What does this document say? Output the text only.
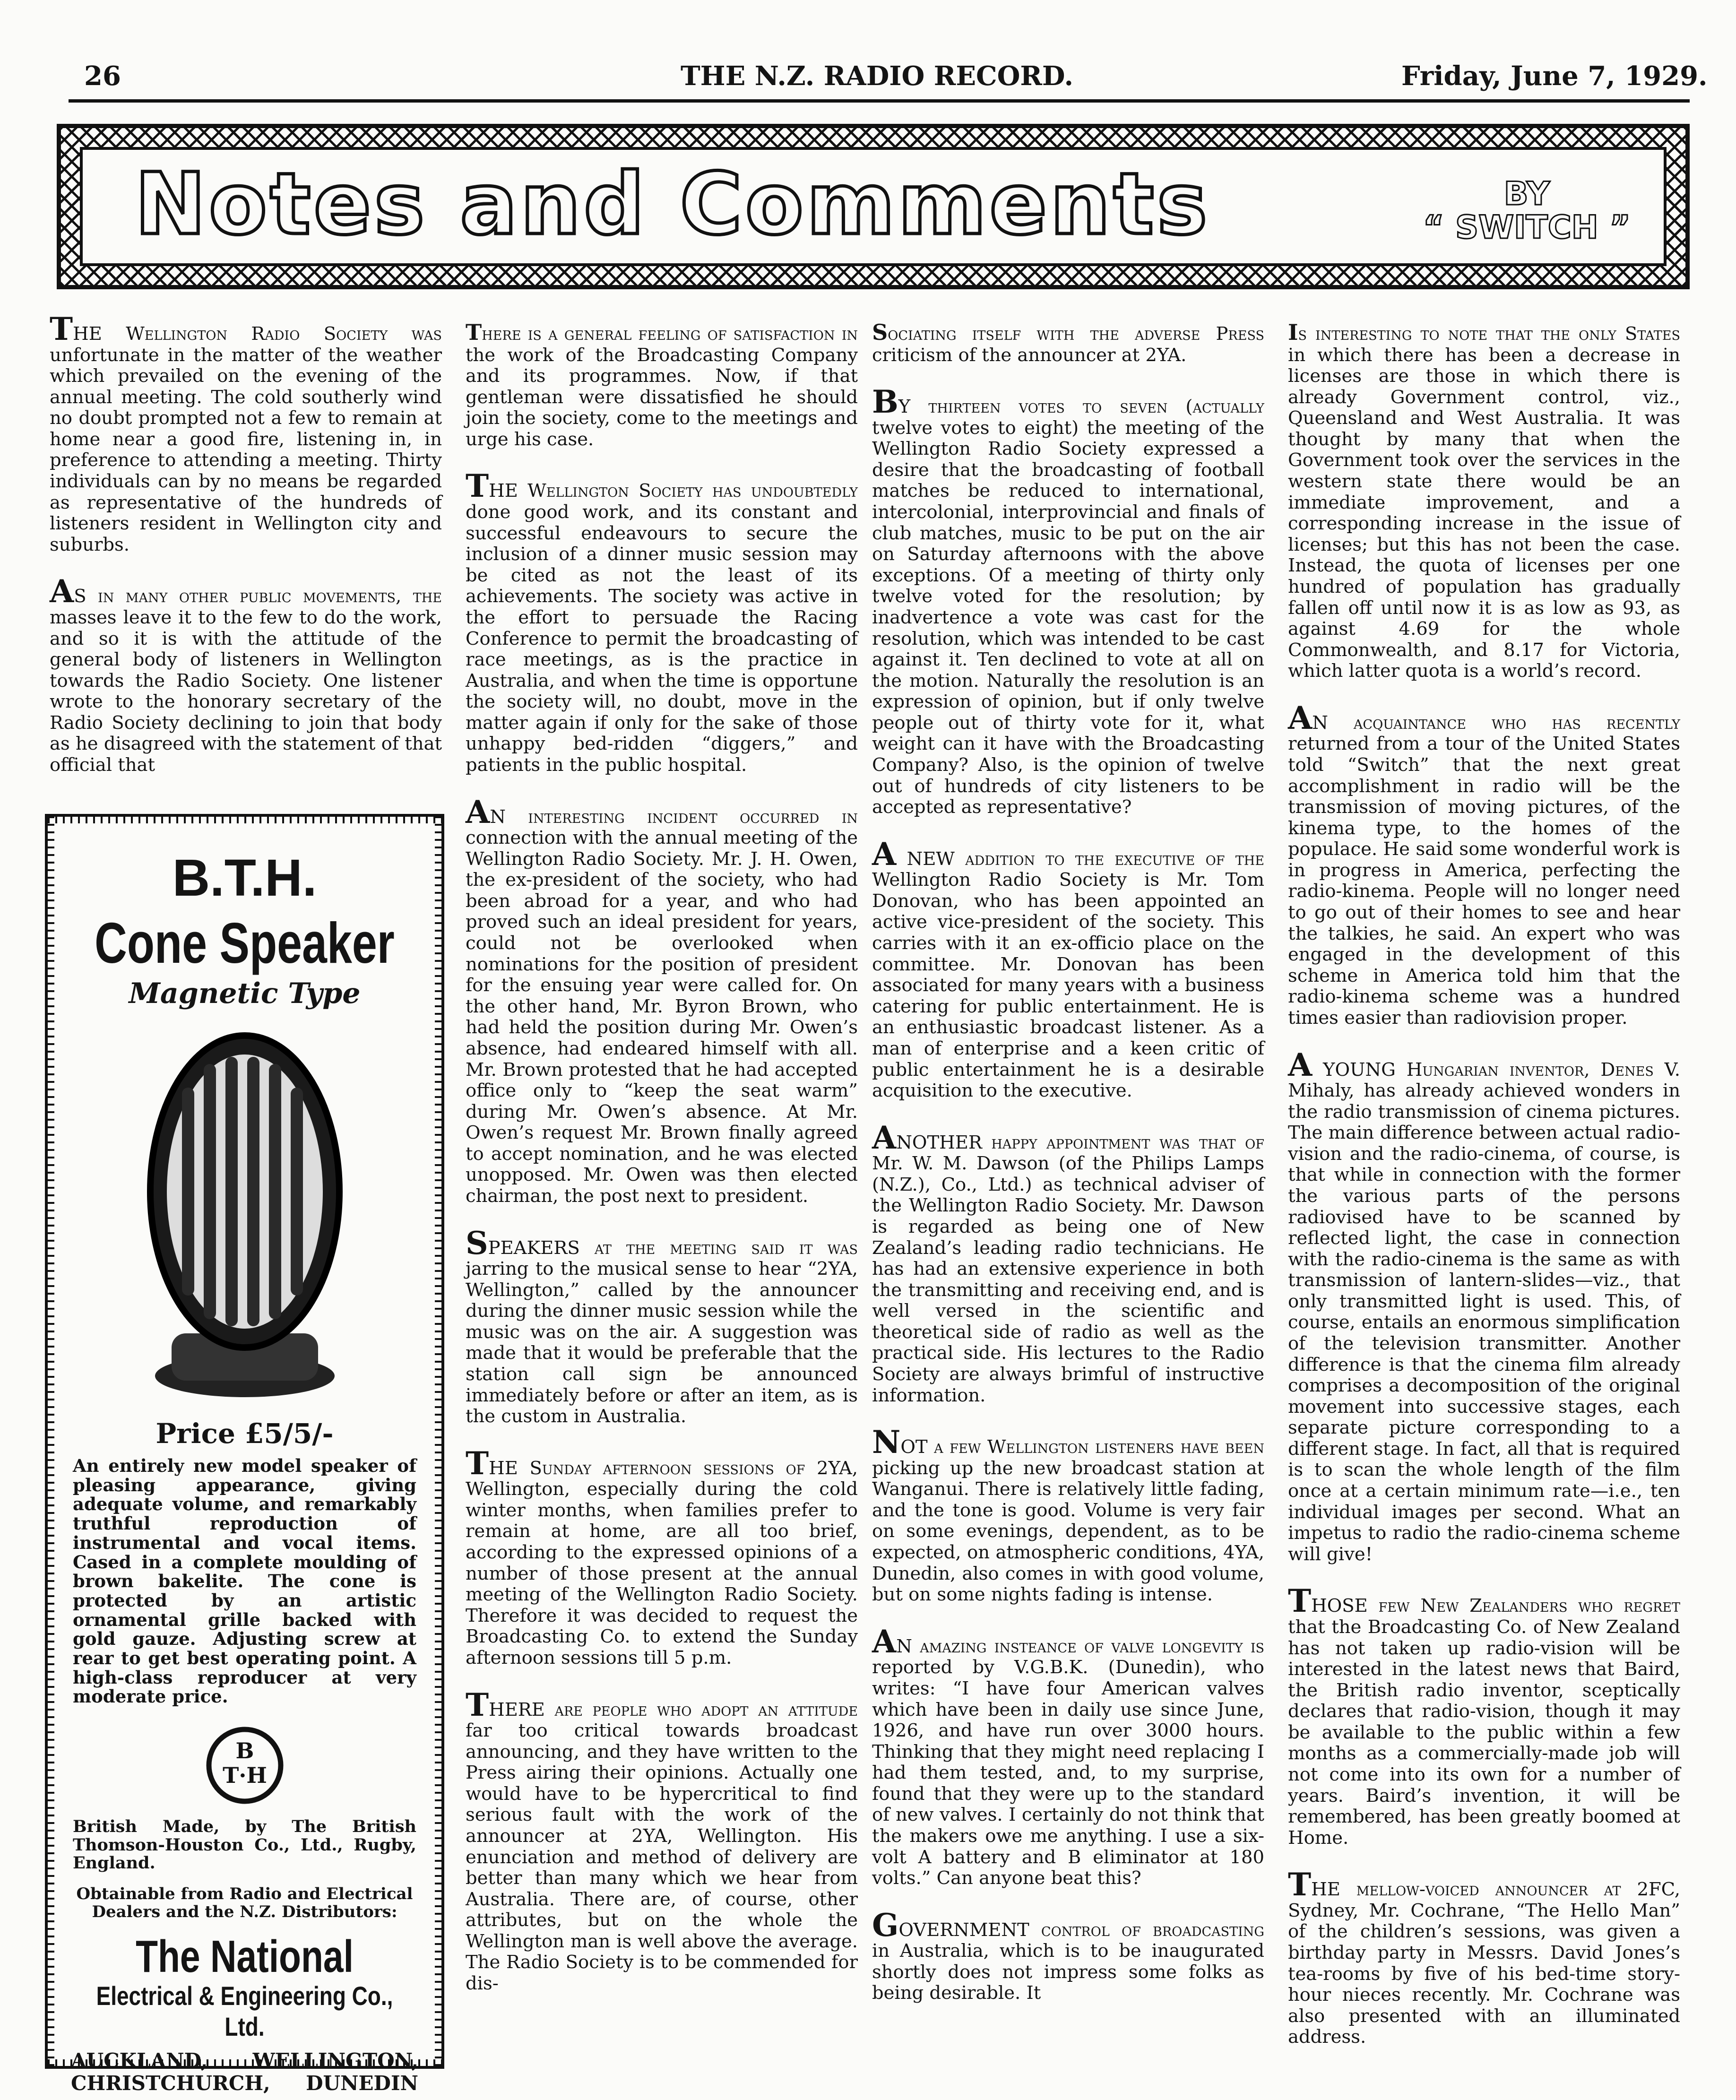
26	THE N.Z. RADIO RECORD.	Friday, June 7, 1929.
Notes and Comments	BY
“ SWITCH ”

THE Wellington Radio Society was unfortunate in the matter of the weather which prevailed on the evening of the annual meeting. The cold southerly wind no doubt prompted not a few to remain at home near a good fire, listening in, in preference to attending a meeting. Thirty individuals can by no means be regarded as representative of the hundreds of listeners resident in Wellington city and suburbs.

AS in many other public movements, the masses leave it to the few to do the work, and so it is with the attitude of the general body of listeners in Wellington towards the Radio Society. One listener wrote to the honorary secretary of the Radio Society declining to join that body as he disagreed with the statement of that official that

there is a general feeling of satisfaction in the work of the Broadcasting Company and its programmes. Now, if that gentleman were dissatisfied he should join the society, come to the meetings and urge his case.

THE Wellington Society has undoubtedly done good work, and its constant and successful endeavours to secure the inclusion of a dinner music session may be cited as not the least of its achievements. The society was active in the effort to persuade the Racing Conference to permit the broadcasting of race meetings, as is the practice in Australia, and when the time is opportune the society will, no doubt, move in the matter again if only for the sake of those unhappy bed-ridden “diggers,” and patients in the public hospital.

AN interesting incident occurred in connection with the annual meeting of the Wellington Radio Society. Mr. J. H. Owen, the ex-president of the society, who had been abroad for a year, and who had proved such an ideal president for years, could not be overlooked when nominations for the position of president for the ensuing year were called for. On the other hand, Mr. Byron Brown, who had held the position during Mr. Owen’s absence, had endeared himself with all. Mr. Brown protested that he had accepted office only to “keep the seat warm” during Mr. Owen’s absence. At Mr. Owen’s request Mr. Brown finally agreed to accept nomination, and he was elected unopposed. Mr. Owen was then elected chairman, the post next to president.

SPEAKERS at the meeting said it was jarring to the musical sense to hear “2YA, Wellington,” called by the announcer during the dinner music session while the music was on the air. A suggestion was made that it would be preferable that the station call sign be announced immediately before or after an item, as is the custom in Australia.

THE Sunday afternoon sessions of 2YA, Wellington, especially during the cold winter months, when families prefer to remain at home, are all too brief, according to the expressed opinions of a number of those present at the annual meeting of the Wellington Radio Society. Therefore it was decided to request the Broadcasting Co. to extend the Sunday afternoon sessions till 5 p.m.

THERE are people who adopt an attitude far too critical towards broadcast announcing, and they have written to the Press airing their opinions. Actually one would have to be hypercritical to find serious fault with the work of the announcer at 2YA, Wellington. His enunciation and method of delivery are better than many which we hear from Australia. There are, of course, other attributes, but on the whole the Wellington man is well above the average. The Radio Society is to be commended for dis-

sociating itself with the adverse Press criticism of the announcer at 2YA.

BY thirteen votes to seven (actually twelve votes to eight) the meeting of the Wellington Radio Society expressed a desire that the broadcasting of football matches be reduced to international, intercolonial, interprovincial and finals of club matches, music to be put on the air on Saturday afternoons with the above exceptions. Of a meeting of thirty only twelve voted for the resolution; by inadvertence a vote was cast for the resolution, which was intended to be cast against it. Ten declined to vote at all on the motion. Naturally the resolution is an expression of opinion, but if only twelve people out of thirty vote for it, what weight can it have with the Broadcasting Company? Also, is the opinion of twelve out of hundreds of city listeners to be accepted as representative?

A NEW addition to the executive of the Wellington Radio Society is Mr. Tom Donovan, who has been appointed an active vice-president of the society. This carries with it an ex-officio place on the committee. Mr. Donovan has been associated for many years with a business catering for public entertainment. He is an enthusiastic broadcast listener. As a man of enterprise and a keen critic of public entertainment he is a desirable acquisition to the executive.

ANOTHER happy appointment was that of Mr. W. M. Dawson (of the Philips Lamps (N.Z.), Co., Ltd.) as technical adviser of the Wellington Radio Society. Mr. Dawson is regarded as being one of New Zealand’s leading radio technicians. He has had an extensive experience in both the transmitting and receiving end, and is well versed in the scientific and theoretical side of radio as well as the practical side. His lectures to the Radio Society are always brimful of instructive information.

NOT a few Wellington listeners have been picking up the new broadcast station at Wanganui. There is relatively little fading, and the tone is good. Volume is very fair on some evenings, dependent, as to be expected, on atmospheric conditions, 4YA, Dunedin, also comes in with good volume, but on some nights fading is intense.

AN amazing insteance of valve longevity is reported by V.G.B.K. (Dunedin), who writes: “I have four American valves which have been in daily use since June, 1926, and have run over 3000 hours. Thinking that they might need replacing I had them tested, and, to my surprise, found that they were up to the standard of new valves. I certainly do not think that the makers owe me anything. I use a six-volt A battery and B eliminator at 180 volts.” Can anyone beat this?

GOVERNMENT control of broadcasting in Australia, which is to be inaugurated shortly does not impress some folks as being desirable. It

is interesting to note that the only States in which there has been a decrease in licenses are those in which there is already Government control, viz., Queensland and West Australia. It was thought by many that when the Government took over the services in the western state there would be an immediate improvement, and a corresponding increase in the issue of licenses; but this has not been the case. Instead, the quota of licenses per one hundred of population has gradually fallen off until now it is as low as 93, as against 4.69 for the whole Commonwealth, and 8.17 for Victoria, which latter quota is a world’s record.

AN acquaintance who has recently returned from a tour of the United States told “Switch” that the next great accomplishment in radio will be the transmission of moving pictures, of the kinema type, to the homes of the populace. He said some wonderful work is in progress in America, perfecting the radio-kinema. People will no longer need to go out of their homes to see and hear the talkies, he said. An expert who was engaged in the development of this scheme in America told him that the radio-kinema scheme was a hundred times easier than radiovision proper.

A YOUNG Hungarian inventor, Denes V. Mihaly, has already achieved wonders in the radio transmission of cinema pictures. The main difference between actual radio-vision and the radio-cinema, of course, is that while in connection with the former the various parts of the persons radiovised have to be scanned by reflected light, the case in connection with the radio-cinema is the same as with transmission of lantern-slides—viz., that only transmitted light is used. This, of course, entails an enormous simplification of the television transmitter. Another difference is that the cinema film already comprises a decomposition of the original movement into successive stages, each separate picture corresponding to a different stage. In fact, all that is required is to scan the whole length of the film once at a certain minimum rate—i.e., ten individual images per second. What an impetus to radio the radio-cinema scheme will give!

THOSE few New Zealanders who regret that the Broadcasting Co. of New Zealand has not taken up radio-vision will be interested in the latest news that Baird, the British radio inventor, sceptically declares that radio-vision, though it may be available to the public within a few months as a commercially-made job will not come into its own for a number of years. Baird’s invention, it will be remembered, has been greatly boomed at Home.

THE mellow-voiced announcer at 2FC, Sydney, Mr. Cochrane, “The Hello Man” of the children’s sessions, was given a birthday party in Messrs. David Jones’s tea-rooms by five of his bed-time story-hour nieces recently. Mr. Cochrane was also presented with an illuminated address.

B.T.H.
Cone Speaker
Magnetic Type
Price £5/5/-
An entirely new model speaker of pleasing appearance, giving adequate volume, and remarkably truthful reproduction of instrumental and vocal items. Cased in a complete moulding of brown bakelite. The cone is protected by an artistic ornamental grille backed with gold gauze. Adjusting screw at rear to get best operating point. A high-class reproducer at very moderate price.
B
T·H
British Made, by The British Thomson-Houston Co., Ltd., Rugby, England.
Obtainable from Radio and Electrical Dealers and the N.Z. Distributors:
The National
Electrical & Engineering Co., Ltd.
AUCKLAND, WELLINGTON,
CHRISTCHURCH, DUNEDIN
